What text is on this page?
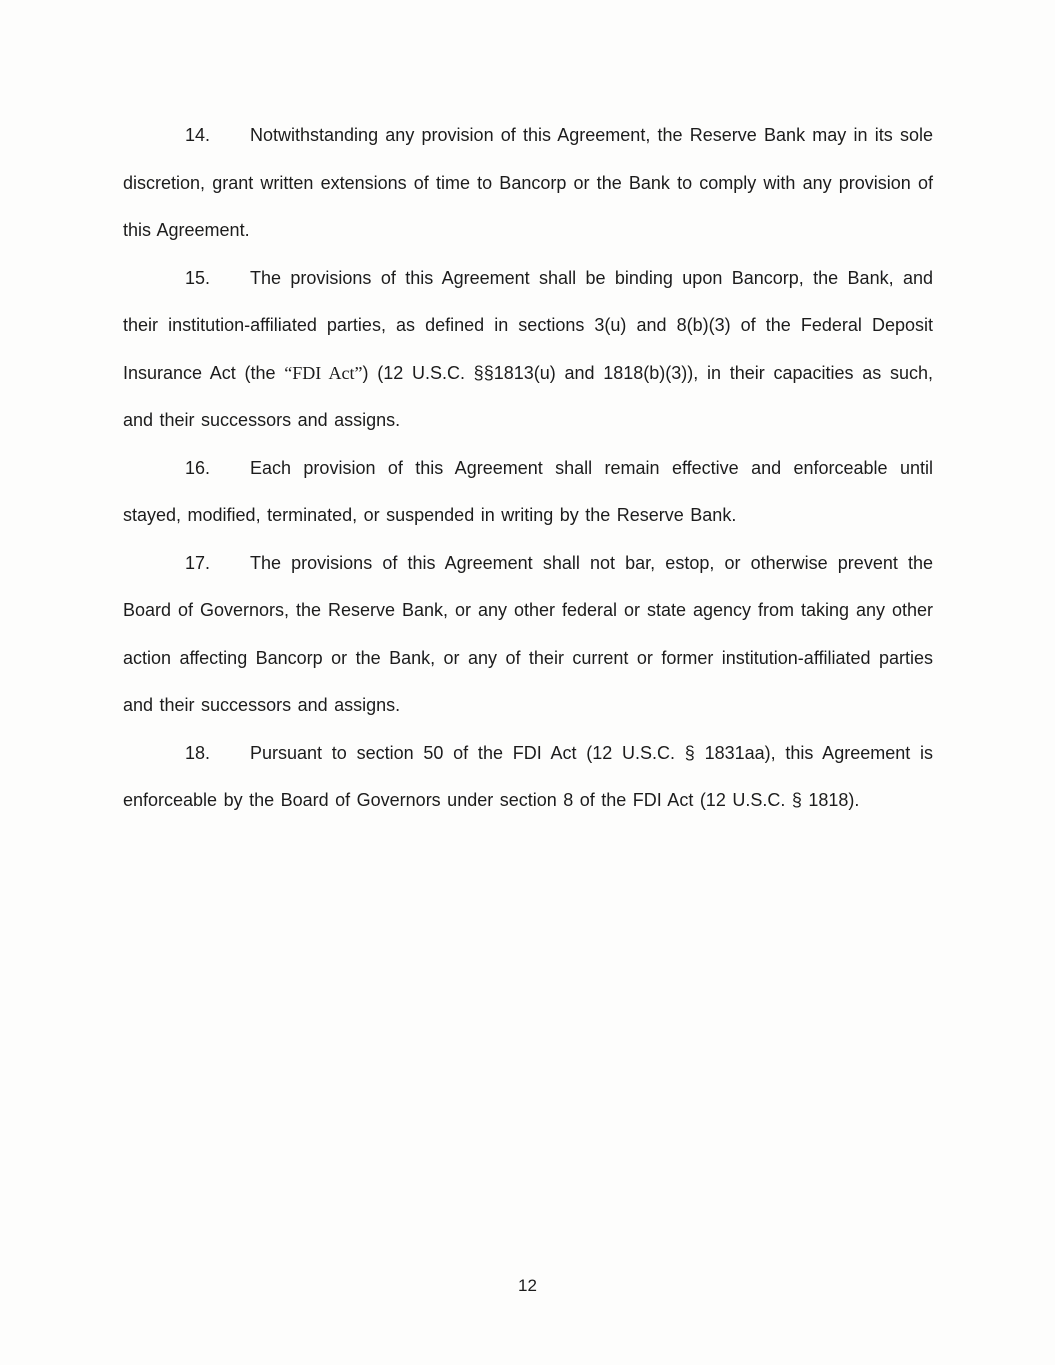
14. Notwithstanding any provision of this Agreement, the Reserve Bank may in its sole discretion, grant written extensions of time to Bancorp or the Bank to comply with any provision of this Agreement.

15. The provisions of this Agreement shall be binding upon Bancorp, the Bank, and their institution-affiliated parties, as defined in sections 3(u) and 8(b)(3) of the Federal Deposit Insurance Act (the “FDI Act”) (12 U.S.C. §§1813(u) and 1818(b)(3)), in their capacities as such, and their successors and assigns.

16. Each provision of this Agreement shall remain effective and enforceable until stayed, modified, terminated, or suspended in writing by the Reserve Bank.

17. The provisions of this Agreement shall not bar, estop, or otherwise prevent the Board of Governors, the Reserve Bank, or any other federal or state agency from taking any other action affecting Bancorp or the Bank, or any of their current or former institution-affiliated parties and their successors and assigns.

18. Pursuant to section 50 of the FDI Act (12 U.S.C. § 1831aa), this Agreement is enforceable by the Board of Governors under section 8 of the FDI Act (12 U.S.C. § 1818).

12
